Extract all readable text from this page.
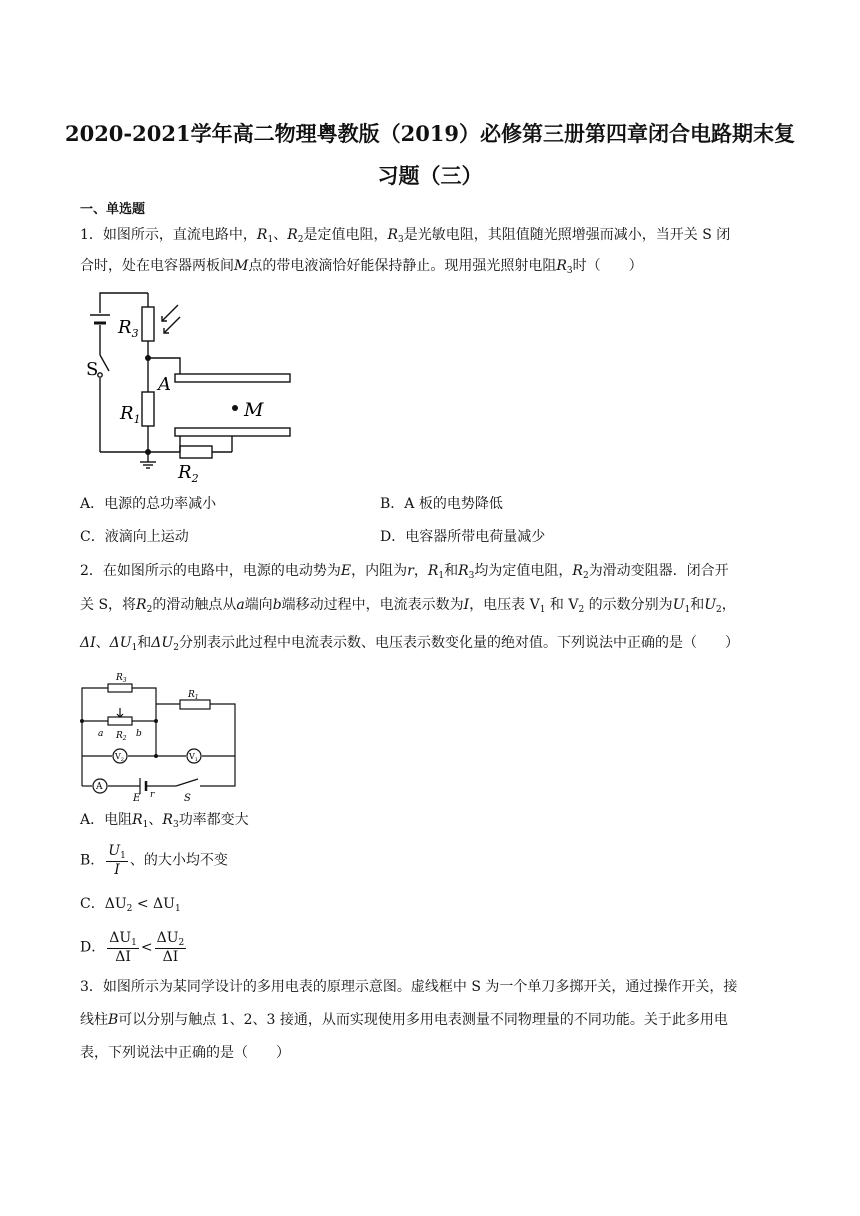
2020-2021学年高二物理粤教版（2019）必修第三册第四章闭合电路期末复
习题（三）
一、单选题
1．如图所示，直流电路中，$R_1$、$R_2$是定值电阻，$R_3$是光敏电阻，其阻值随光照增强而减小，当开关 S 闭
合时，处在电容器两板间M点的带电液滴恰好能保持静止。现用强光照射电阻$R_3$时（　　）
$R_3$
S
A
$R_1$	M
$R_2$
A．电源的总功率减小	B．A 板的电势降低
C．液滴向上运动	D．电容器所带电荷量减少
2．在如图所示的电路中，电源的电动势为E，内阻为r，$R_1$和$R_3$均为定值电阻，$R_2$为滑动变阻器．闭合开
关 S，将$R_2$的滑动触点从a端向b端移动过程中，电流表示数为I，电压表 $V_1$ 和 $V_2$ 的示数分别为$U_1$和$U_2$，
ΔI、$\Delta U_1$和$\Delta U_2$分别表示此过程中电流表示数、电压表示数变化量的绝对值。下列说法中正确的是（　　）
$R_3$
$R_1$
$R_2$
a	b
$V_2$	$V_1$
A
E r	S
A．电阻$R_1$、$R_3$功率都变大
B． $\frac{U_1}{I}$ 、的大小均不变
C．$\Delta U_2 < \Delta U_1$
D． $\frac{\Delta U_1}{\Delta I} < \frac{\Delta U_2}{\Delta I}$
3．如图所示为某同学设计的多用电表的原理示意图。虚线框中 S 为一个单刀多掷开关，通过操作开关，接
线柱B可以分别与触点 1、2、3 接通，从而实现使用多用电表测量不同物理量的不同功能。关于此多用电
表，下列说法中正确的是（　　）
